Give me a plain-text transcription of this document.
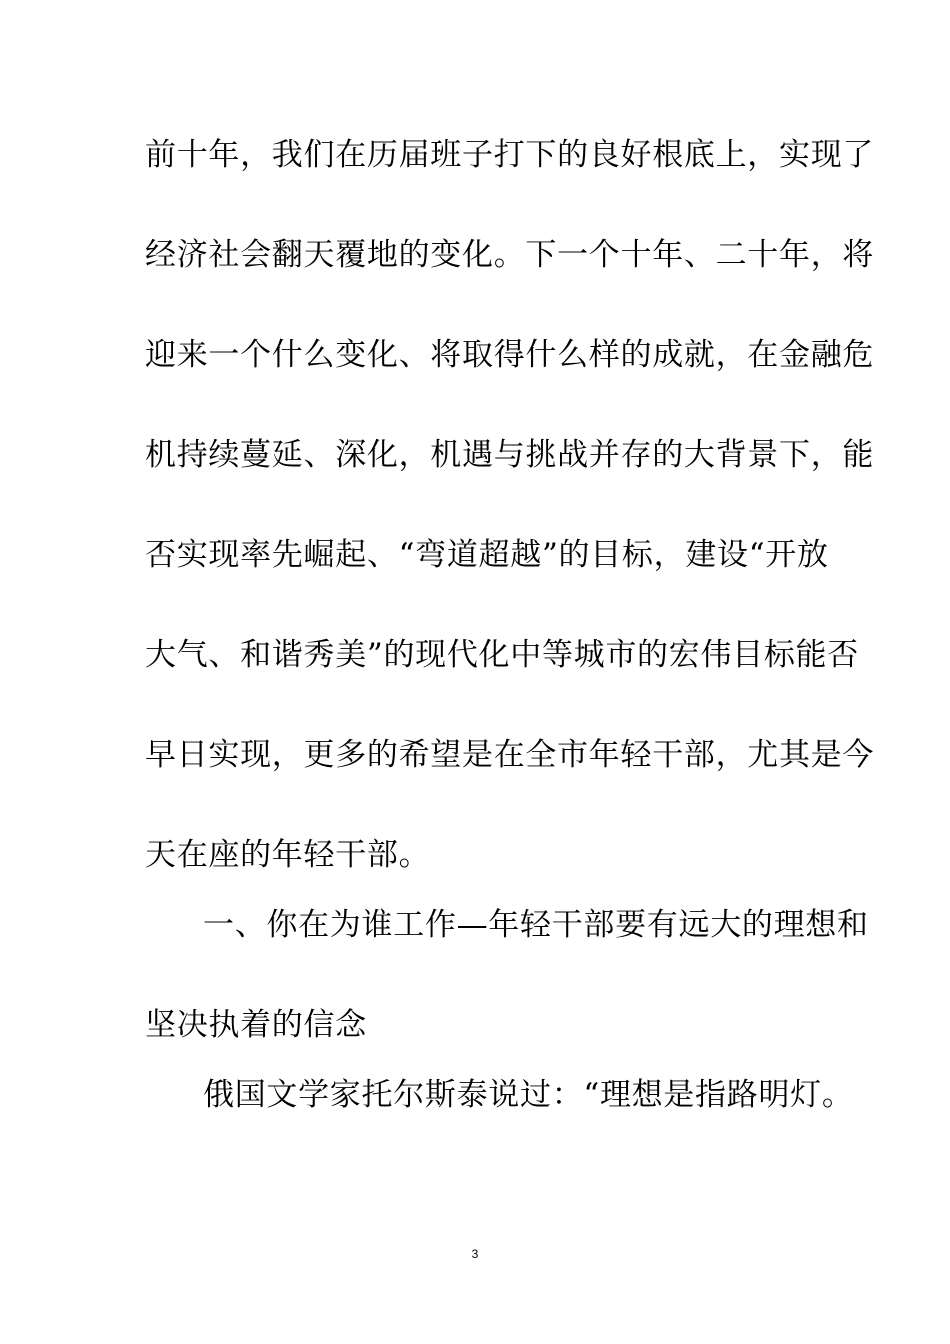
前十年，我们在历届班子打下的良好根底上，实现了
经济社会翻天覆地的变化。下一个十年、二十年，将
迎来一个什么变化、将取得什么样的成就，在金融危
机持续蔓延、深化，机遇与挑战并存的大背景下，能
否实现率先崛起、“弯道超越”的目标，建设“开放
大气、和谐秀美”的现代化中等城市的宏伟目标能否
早日实现，更多的希望是在全市年轻干部，尤其是今
天在座的年轻干部。
一、你在为谁工作—年轻干部要有远大的理想和
坚决执着的信念
俄国文学家托尔斯泰说过：“理想是指路明灯。
3
